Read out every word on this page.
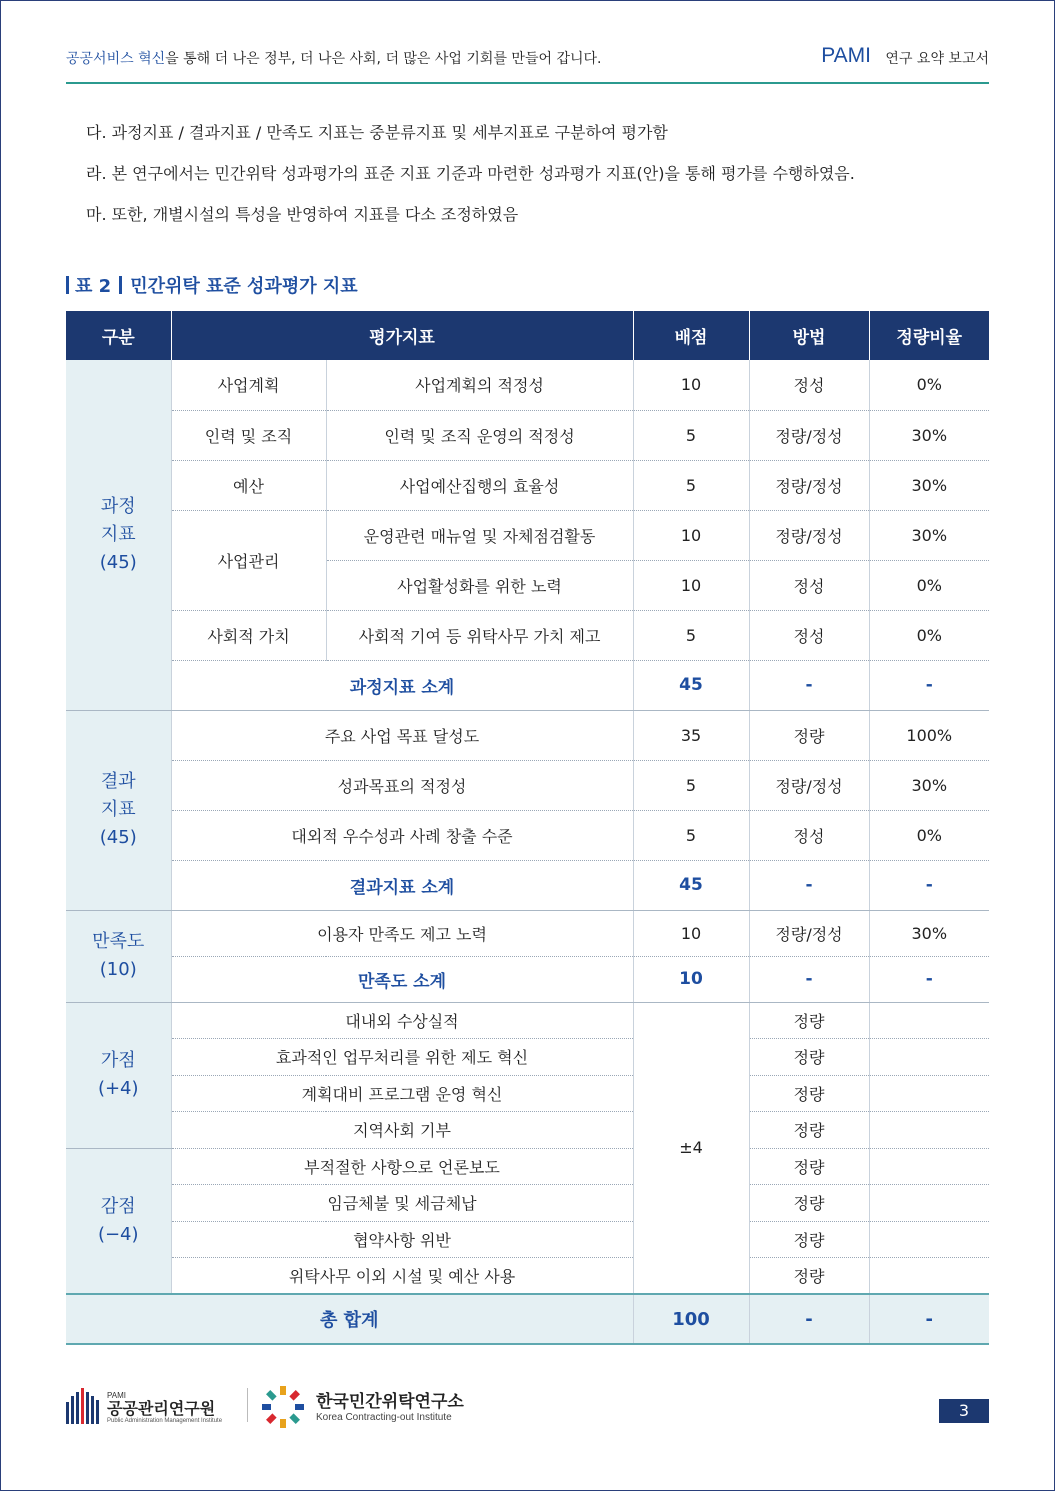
공공서비스 혁신을 통해 더 나은 정부, 더 나은 사회, 더 많은 사업 기회를 만들어 갑니다.	PAMI 연구 요약 보고서

다. 과정지표 / 결과지표 / 만족도 지표는 중분류지표 및 세부지표로 구분하여 평가함

라. 본 연구에서는 민간위탁 성과평가의 표준 지표 기준과 마련한 성과평가 지표(안)을 통해 평가를 수행하였음.

마. 또한, 개별시설의 특성을 반영하여 지표를 다소 조정하였음

표 2 민간위탁 표준 성과평가 지표
구분	평가지표		배점	방법	정량비율

과정
지표
(45)	사업계획	사업계획의 적정성	10	정성	0%
	인력 및 조직	인력 및 조직 운영의 적정성	5	정량/정성	30%
	예산	사업예산집행의 효율성	5	정량/정성	30%
	사업관리	운영관련 매뉴얼 및 자체점검활동	10	정량/정성	30%
		사업활성화를 위한 노력	10	정성	0%
	사회적 가치	사회적 기여 등 위탁사무 가치 제고	5	정성	0%
	과정지표 소계		45	-	-

결과
지표
(45)	주요 사업 목표 달성도		35	정량	100%
	성과목표의 적정성		5	정량/정성	30%
	대외적 우수성과 사례 창출 수준		5	정성	0%
	결과지표 소계		45	-	-

만족도
(10)	이용자 만족도 제고 노력		10	정량/정성	30%
	만족도 소계		10	-	-

가점
(+4)	대내외 수상실적		±4	정량	
	효과적인 업무처리를 위한 제도 혁신			정량	
	계획대비 프로그램 운영 혁신			정량	
	지역사회 기부			정량	

감점
(−4)	부적절한 사항으로 언론보도			정량	
	임금체불 및 세금체납			정량	
	협약사항 위반			정량	
	위탁사무 이외 시설 및 예산 사용			정량	
총 합계			100	-	-
PAMI
공공관리연구원
Public Administration Management Institute
한국민간위탁연구소
Korea Contracting-out Institute	3
